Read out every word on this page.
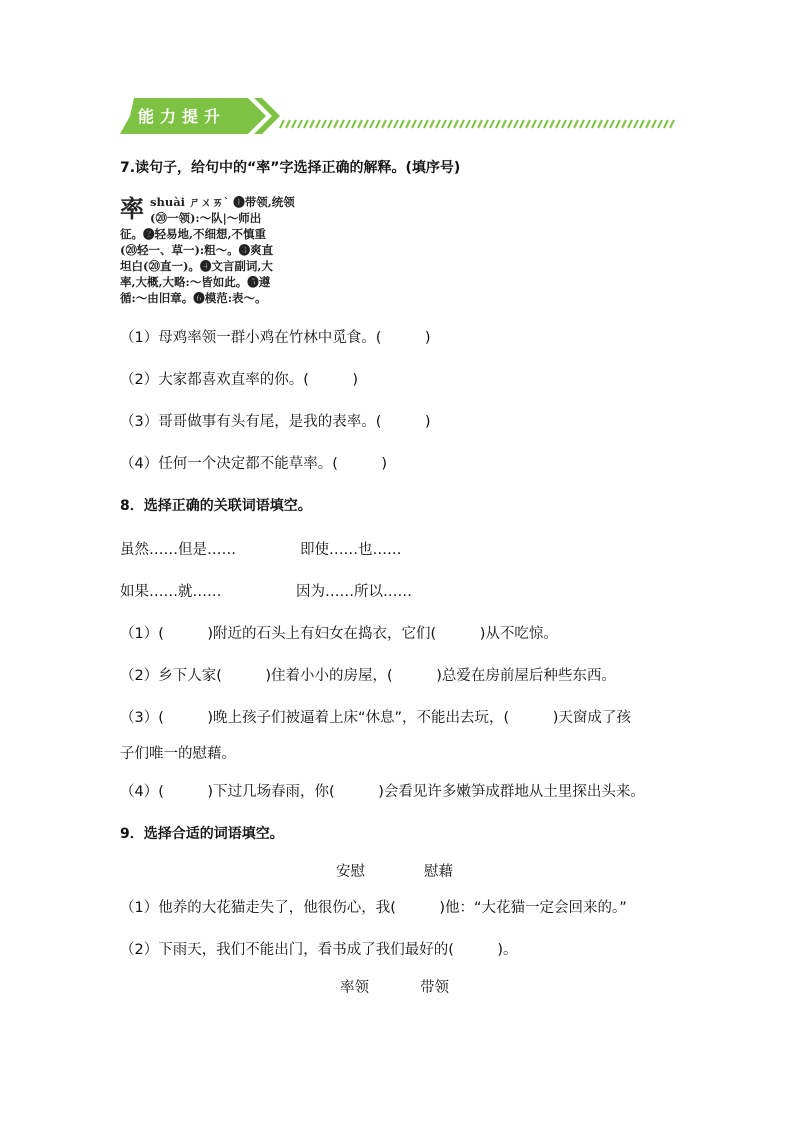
能力提升
7.读句子，给句中的“率”字选择正确的解释。(填序号)
率 shuài ㄕㄨㄞˋ ❶带领,统领
(⑳一领):～队|～师出
征。❷轻易地,不细想,不慎重
(⑳轻一、草一):粗～。❸爽直
坦白(⑳直一)。❹文言副词,大
率,大概,大略:～皆如此。❺遵
循:～由旧章。❻模范:表～。
（1）母鸡率领一群小鸡在竹林中觅食。(　　　)
（2）大家都喜欢直率的你。(　　　)
（3）哥哥做事有头有尾，是我的表率。(　　　)
（4）任何一个决定都不能草率。(　　　)
8．选择正确的关联词语填空。
虽然……但是……	即使……也……
如果……就……	因为……所以……
（1）(　　　)附近的石头上有妇女在捣衣，它们(　　　)从不吃惊。
（2）乡下人家(　　　)住着小小的房屋，(　　　)总爱在房前屋后种些东西。
（3）(　　　)晚上孩子们被逼着上床“休息”，不能出去玩，(　　　)天窗成了孩
子们唯一的慰藉。
（4）(　　　)下过几场春雨，你(　　　)会看见许多嫩笋成群地从土里探出头来。
9．选择合适的词语填空。
安慰	慰藉
（1）他养的大花猫走失了，他很伤心，我(　　　)他：“大花猫一定会回来的。”
（2）下雨天，我们不能出门，看书成了我们最好的(　　　)。
率领	带领
